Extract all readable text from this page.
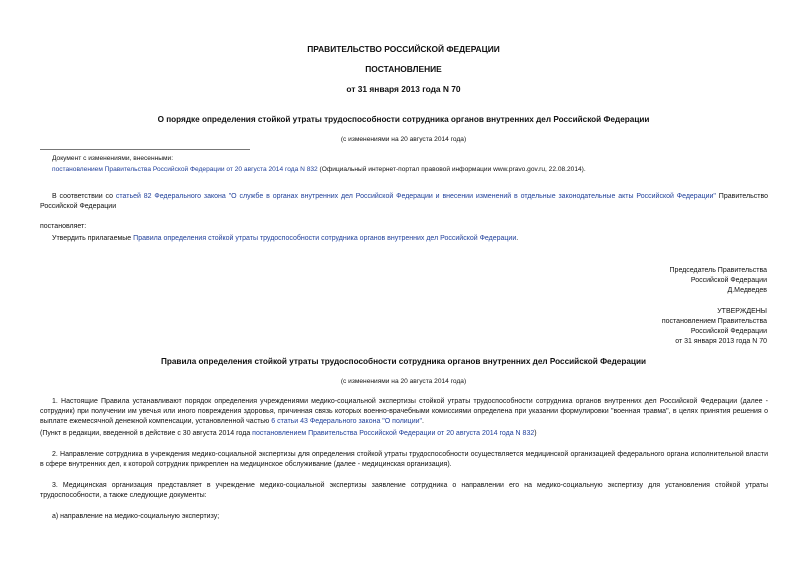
ПРАВИТЕЛЬСТВО РОССИЙСКОЙ ФЕДЕРАЦИИ
ПОСТАНОВЛЕНИЕ
от 31 января 2013 года N 70
О порядке определения стойкой утраты трудоспособности сотрудника органов внутренних дел Российской Федерации
(с изменениями на 20 августа 2014 года)
Документ с изменениями, внесенными:
постановлением Правительства Российской Федерации от 20 августа 2014 года N 832 (Официальный интернет-портал правовой информации www.pravo.gov.ru, 22.08.2014).
В соответствии со статьей 82 Федерального закона "О службе в органах внутренних дел Российской Федерации и внесении изменений в отдельные законодательные акты Российской Федерации" Правительство Российской Федерации
постановляет:
Утвердить прилагаемые Правила определения стойкой утраты трудоспособности сотрудника органов внутренних дел Российской Федерации.
Председатель Правительства
Российской Федерации
Д.Медведев
УТВЕРЖДЕНЫ
постановлением Правительства
Российской Федерации
от 31 января 2013 года N 70
Правила определения стойкой утраты трудоспособности сотрудника органов внутренних дел Российской Федерации
(с изменениями на 20 августа 2014 года)
1. Настоящие Правила устанавливают порядок определения учреждениями медико-социальной экспертизы стойкой утраты трудоспособности сотрудника органов внутренних дел Российской Федерации (далее - сотрудник) при получении им увечья или иного повреждения здоровья, причинная связь которых военно-врачебными комиссиями определена при указании формулировки "военная травма", в целях принятия решения о выплате ежемесячной денежной компенсации, установленной частью 6 статьи 43 Федерального закона "О полиции".
(Пункт в редакции, введенной в действие с 30 августа 2014 года постановлением Правительства Российской Федерации от 20 августа 2014 года N 832)
2. Направление сотрудника в учреждения медико-социальной экспертизы для определения стойкой утраты трудоспособности осуществляется медицинской организацией федерального органа исполнительной власти в сфере внутренних дел, к которой сотрудник прикреплен на медицинское обслуживание (далее - медицинская организация).
3. Медицинская организация представляет в учреждение медико-социальной экспертизы заявление сотрудника о направлении его на медико-социальную экспертизу для установления стойкой утраты трудоспособности, а также следующие документы:
а) направление на медико-социальную экспертизу;
